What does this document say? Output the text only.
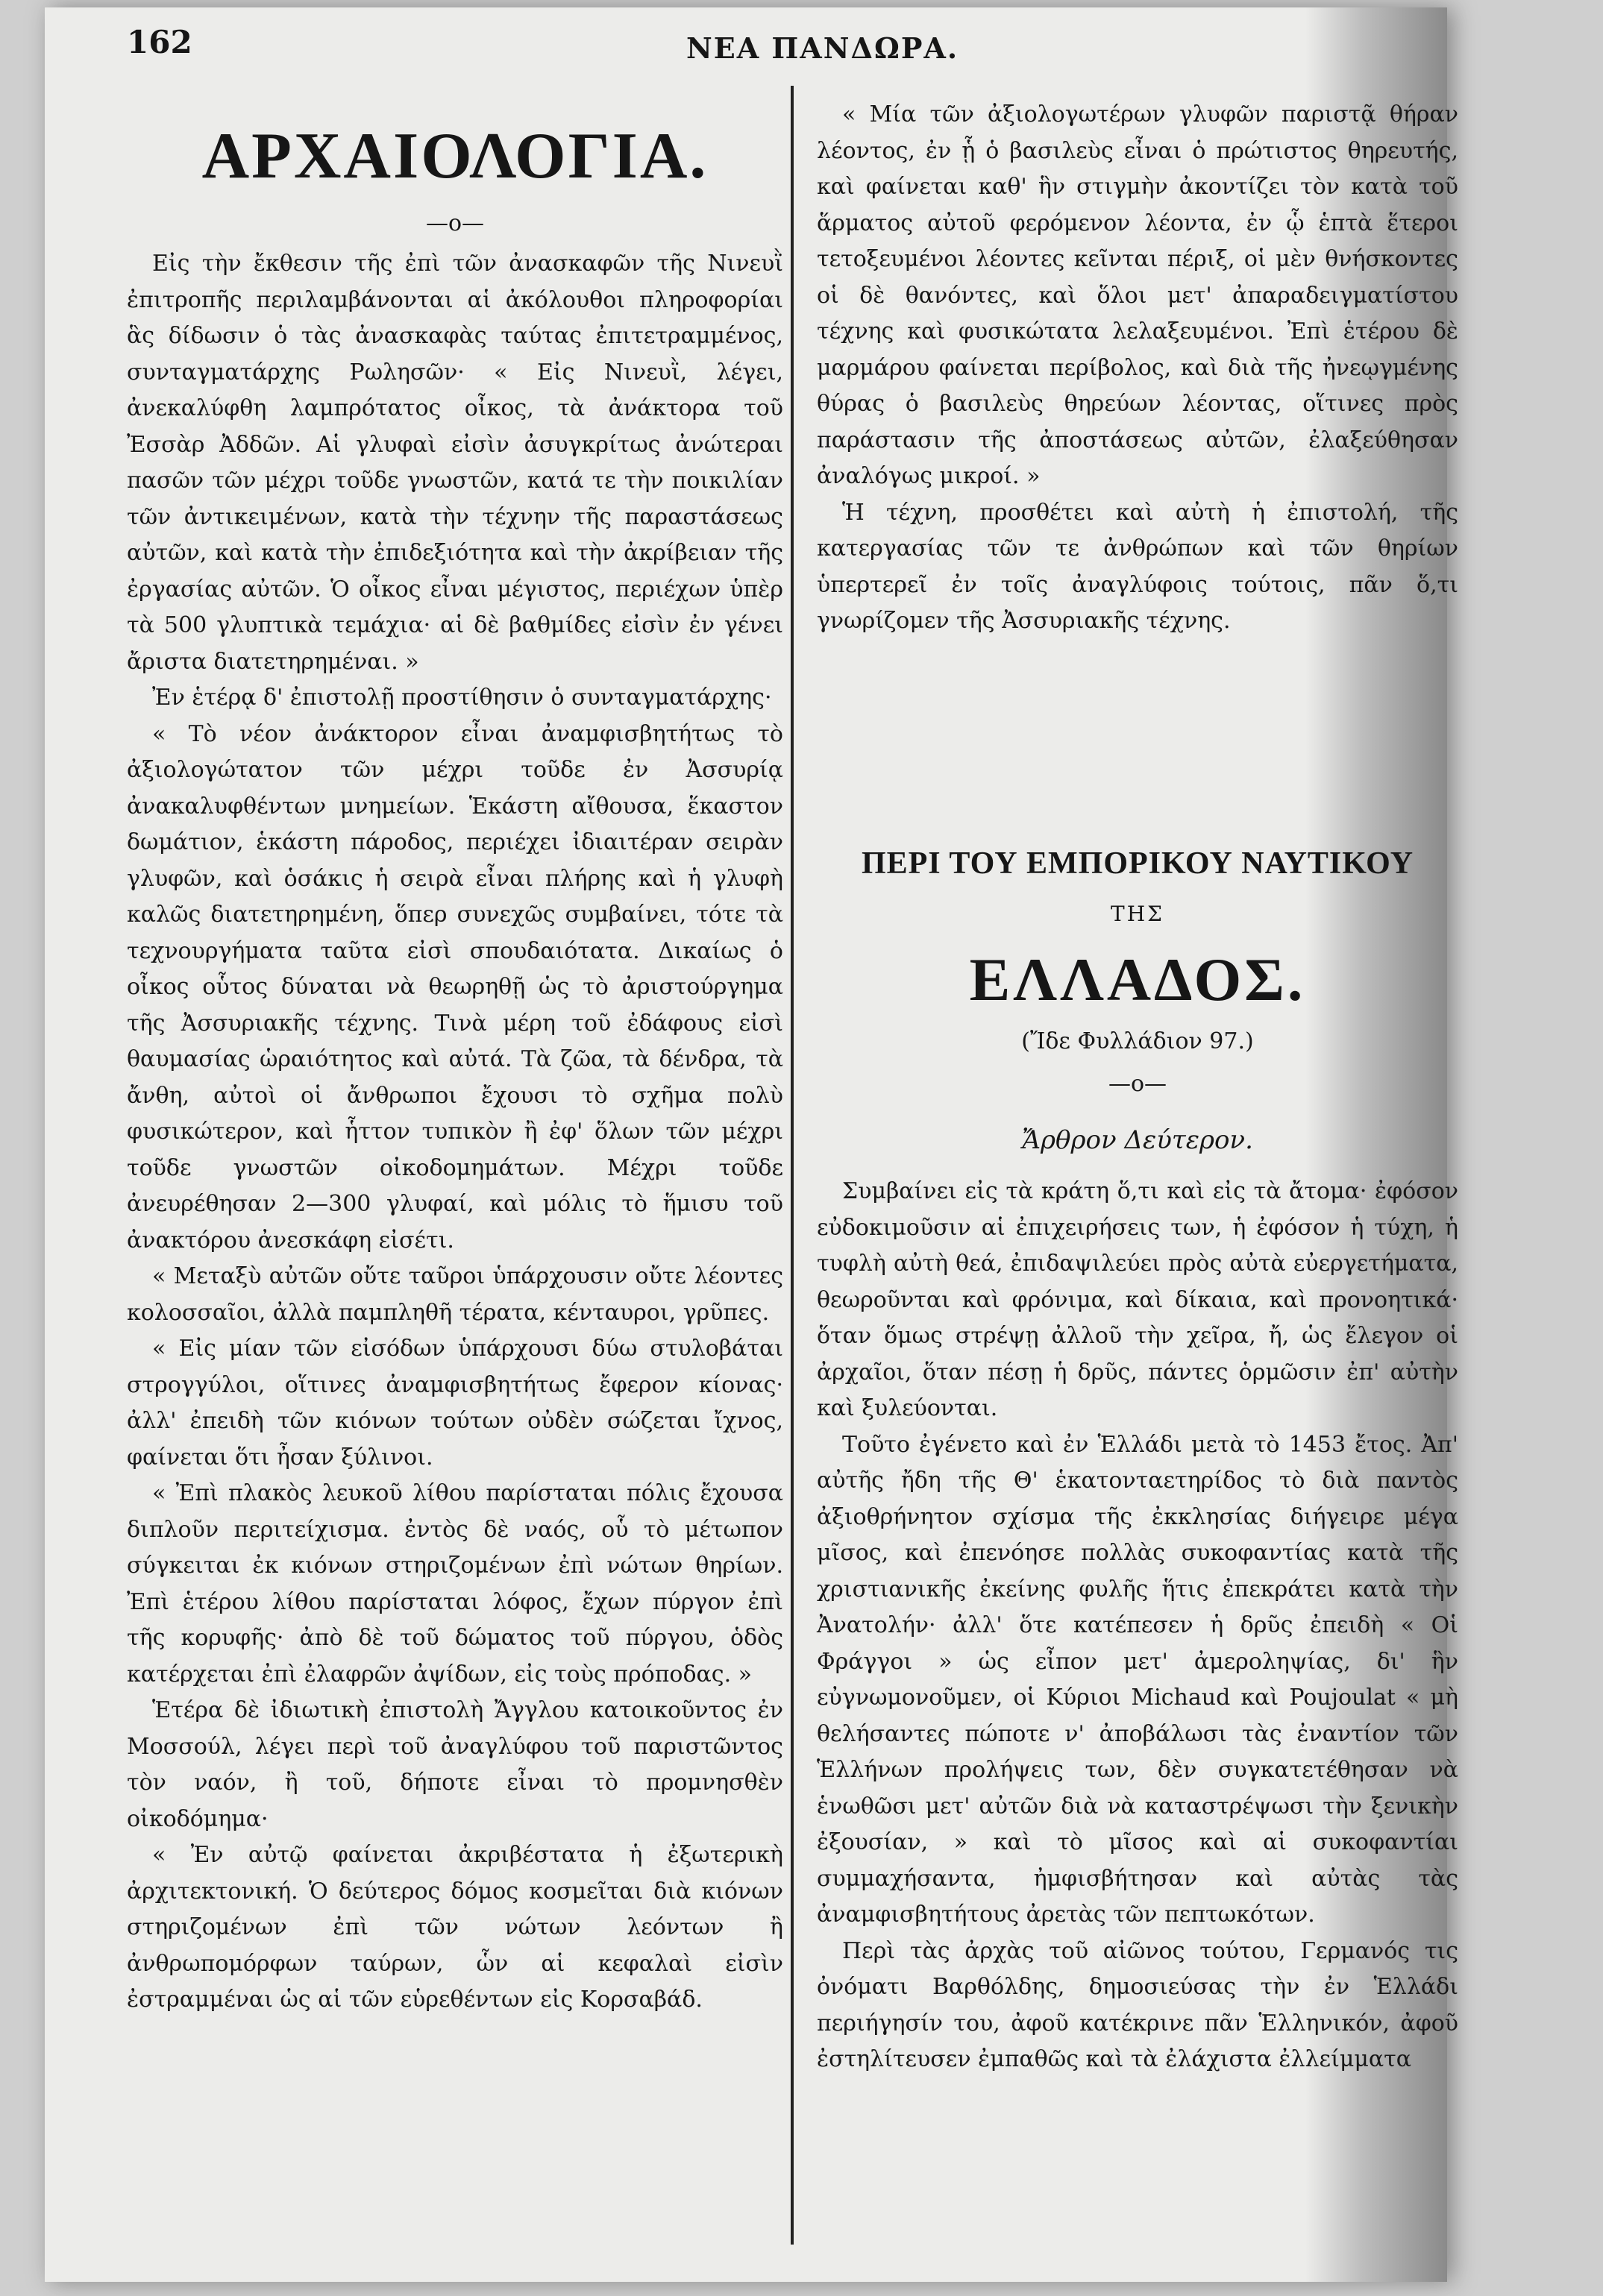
162	ΝΕΑ ΠΑΝΔΩΡΑ.
ΑΡΧΑΙΟΛΟΓΙΑ.
—o—

Εἰς τὴν ἔκθεσιν τῆς ἐπὶ τῶν ἀνασκαφῶν τῆς Νινευῒ ἐπιτροπῆς περιλαμβάνονται αἱ ἀκόλουθοι πληροφορίαι ἃς δίδωσιν ὁ τὰς ἀνασκαφὰς ταύτας ἐπιτετραμμένος, συνταγματάρχης Ρωλησῶν· « Εἰς Νινευῒ, λέγει, ἀνεκαλύφθη λαμπρότατος οἶκος, τὰ ἀνάκτορα τοῦ Ἐσσὰρ Ἀδδῶν. Αἱ γλυφαὶ εἰσὶν ἀσυγκρίτως ἀνώτεραι πασῶν τῶν μέχρι τοῦδε γνωστῶν, κατά τε τὴν ποικιλίαν τῶν ἀντικειμένων, κατὰ τὴν τέχνην τῆς παραστάσεως αὐτῶν, καὶ κατὰ τὴν ἐπιδεξιότητα καὶ τὴν ἀκρίβειαν τῆς ἐργασίας αὐτῶν. Ὁ οἶκος εἶναι μέγιστος, περιέχων ὑπὲρ τὰ 500 γλυπτικὰ τεμάχια· αἱ δὲ βαθμίδες εἰσὶν ἐν γένει ἄριστα διατετηρημέναι. »

Ἐν ἑτέρᾳ δ' ἐπιστολῇ προστίθησιν ὁ συνταγματάρχης·

« Τὸ νέον ἀνάκτορον εἶναι ἀναμφισβητήτως τὸ ἀξιολογώτατον τῶν μέχρι τοῦδε ἐν Ἀσσυρίᾳ ἀνακαλυφθέντων μνημείων. Ἑκάστη αἴθουσα, ἕκαστον δωμάτιον, ἑκάστη πάροδος, περιέχει ἰδιαιτέραν σειρὰν γλυφῶν, καὶ ὁσάκις ἡ σειρὰ εἶναι πλήρης καὶ ἡ γλυφὴ καλῶς διατετηρημένη, ὅπερ συνεχῶς συμβαίνει, τότε τὰ τεχνουργήματα ταῦτα εἰσὶ σπουδαιότατα. Δικαίως ὁ οἶκος οὗτος δύναται νὰ θεωρηθῇ ὡς τὸ ἀριστούργημα τῆς Ἀσσυριακῆς τέχνης. Τινὰ μέρη τοῦ ἐδάφους εἰσὶ θαυμασίας ὡραιότητος καὶ αὐτά. Τὰ ζῶα, τὰ δένδρα, τὰ ἄνθη, αὐτοὶ οἱ ἄνθρωποι ἔχουσι τὸ σχῆμα πολὺ φυσικώτερον, καὶ ἧττον τυπικὸν ἢ ἐφ' ὅλων τῶν μέχρι τοῦδε γνωστῶν οἰκοδομημάτων. Μέχρι τοῦδε ἀνευρέθησαν 2—300 γλυφαί, καὶ μόλις τὸ ἥμισυ τοῦ ἀνακτόρου ἀνεσκάφη εἰσέτι.

« Μεταξὺ αὐτῶν οὔτε ταῦροι ὑπάρχουσιν οὔτε λέοντες κολοσσαῖοι, ἀλλὰ παμπληθῆ τέρατα, κένταυροι, γρῦπες.

« Εἰς μίαν τῶν εἰσόδων ὑπάρχουσι δύω στυλοβάται στρογγύλοι, οἵτινες ἀναμφισβητήτως ἔφερον κίονας· ἀλλ' ἐπειδὴ τῶν κιόνων τούτων οὐδὲν σώζεται ἴχνος, φαίνεται ὅτι ἦσαν ξύλινοι.

« Ἐπὶ πλακὸς λευκοῦ λίθου παρίσταται πόλις ἔχουσα διπλοῦν περιτείχισμα. ἐντὸς δὲ ναός, οὗ τὸ μέτωπον σύγκειται ἐκ κιόνων στηριζομένων ἐπὶ νώτων θηρίων. Ἐπὶ ἑτέρου λίθου παρίσταται λόφος, ἔχων πύργον ἐπὶ τῆς κορυφῆς· ἀπὸ δὲ τοῦ δώματος τοῦ πύργου, ὁδὸς κατέρχεται ἐπὶ ἐλαφρῶν ἀψίδων, εἰς τοὺς πρόποδας. »

Ἑτέρα δὲ ἰδιωτικὴ ἐπιστολὴ Ἄγγλου κατοικοῦντος ἐν Μοσσούλ, λέγει περὶ τοῦ ἀναγλύφου τοῦ παριστῶντος τὸν ναόν, ἢ τοῦ, δήποτε εἶναι τὸ προμνησθὲν οἰκοδόμημα·

« Ἐν αὐτῷ φαίνεται ἀκριβέστατα ἡ ἐξωτερικὴ ἀρχιτεκτονική. Ὁ δεύτερος δόμος κοσμεῖται διὰ κιόνων στηριζομένων ἐπὶ τῶν νώτων λεόντων ἢ ἀνθρωπομόρφων ταύρων, ὧν αἱ κεφαλαὶ εἰσὶν ἐστραμμέναι ὡς αἱ τῶν εὑρεθέντων εἰς Κορσαβάδ.

« Μία τῶν ἀξιολογωτέρων γλυφῶν παριστᾷ θήραν λέοντος, ἐν ᾗ ὁ βασιλεὺς εἶναι ὁ πρώτιστος θηρευτής, καὶ φαίνεται καθ' ἣν στιγμὴν ἀκοντίζει τὸν κατὰ τοῦ ἅρματος αὐτοῦ φερόμενον λέοντα, ἐν ᾧ ἑπτὰ ἕτεροι τετοξευμένοι λέοντες κεῖνται πέριξ, οἱ μὲν θνήσκοντες οἱ δὲ θανόντες, καὶ ὅλοι μετ' ἀπαραδειγματίστου τέχνης καὶ φυσικώτατα λελαξευμένοι. Ἐπὶ ἑτέρου δὲ μαρμάρου φαίνεται περίβολος, καὶ διὰ τῆς ἠνεῳγμένης θύρας ὁ βασιλεὺς θηρεύων λέοντας, οἵτινες πρὸς παράστασιν τῆς ἀποστάσεως αὐτῶν, ἐλαξεύθησαν ἀναλόγως μικροί. »

Ἡ τέχνη, προσθέτει καὶ αὐτὴ ἡ ἐπιστολή, τῆς κατεργασίας τῶν τε ἀνθρώπων καὶ τῶν θηρίων ὑπερτερεῖ ἐν τοῖς ἀναγλύφοις τούτοις, πᾶν ὅ,τι γνωρίζομεν τῆς Ἀσσυριακῆς τέχνης.

ΠΕΡΙ ΤΟΥ ΕΜΠΟΡΙΚΟΥ ΝΑΥΤΙΚΟΥ
ΤΗΣ
ΕΛΛΑΔΟΣ.
(Ἴδε Φυλλάδιον 97.)
—o—
Ἄρθρον Δεύτερον.

Συμβαίνει εἰς τὰ κράτη ὅ,τι καὶ εἰς τὰ ἄτομα· ἐφόσον εὐδοκιμοῦσιν αἱ ἐπιχειρήσεις των, ἡ ἐφόσον ἡ τύχη, ἡ τυφλὴ αὐτὴ θεά, ἐπιδαψιλεύει πρὸς αὐτὰ εὐεργετήματα, θεωροῦνται καὶ φρόνιμα, καὶ δίκαια, καὶ προνοητικά· ὅταν ὅμως στρέψῃ ἀλλοῦ τὴν χεῖρα, ἤ, ὡς ἔλεγον οἱ ἀρχαῖοι, ὅταν πέσῃ ἡ δρῦς, πάντες ὁρμῶσιν ἐπ' αὐτὴν καὶ ξυλεύονται.

Τοῦτο ἐγένετο καὶ ἐν Ἑλλάδι μετὰ τὸ 1453 ἔτος. Ἀπ' αὐτῆς ἤδη τῆς Θ' ἑκατονταετηρίδος τὸ διὰ παντὸς ἀξιοθρήνητον σχίσμα τῆς ἐκκλησίας διήγειρε μέγα μῖσος, καὶ ἐπενόησε πολλὰς συκοφαντίας κατὰ τῆς χριστιανικῆς ἐκείνης φυλῆς ἥτις ἐπεκράτει κατὰ τὴν Ἀνατολήν· ἀλλ' ὅτε κατέπεσεν ἡ δρῦς ἐπειδὴ « Οἱ Φράγγοι » ὡς εἶπον μετ' ἀμεροληψίας, δι' ἣν εὐγνωμονοῦμεν, οἱ Κύριοι Michaud καὶ Poujoulat « μὴ θελήσαντες πώποτε ν' ἀποβάλωσι τὰς ἐναντίον τῶν Ἑλλήνων προλήψεις των, δὲν συγκατετέθησαν νὰ ἑνωθῶσι μετ' αὐτῶν διὰ νὰ καταστρέψωσι τὴν ξενικὴν ἐξουσίαν, » καὶ τὸ μῖσος καὶ αἱ συκοφαντίαι συμμαχήσαντα, ἠμφισβήτησαν καὶ αὐτὰς τὰς ἀναμφισβητήτους ἀρετὰς τῶν πεπτωκότων.

Περὶ τὰς ἀρχὰς τοῦ αἰῶνος τούτου, Γερμανός τις ὀνόματι Βαρθόλδης, δημοσιεύσας τὴν ἐν Ἑλλάδι περιήγησίν του, ἀφοῦ κατέκρινε πᾶν Ἑλληνικόν, ἀφοῦ ἐστηλίτευσεν ἐμπαθῶς καὶ τὰ ἐλάχιστα ἐλλείμματα
